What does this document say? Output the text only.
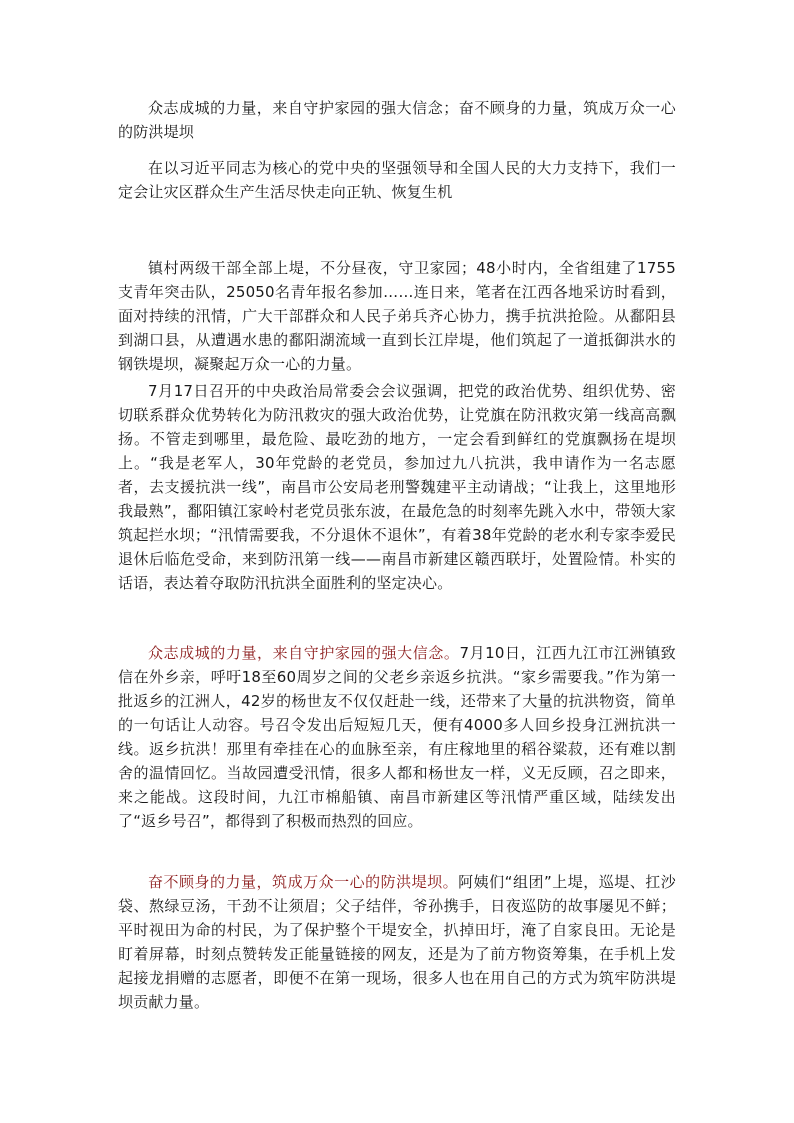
众志成城的力量，来自守护家园的强大信念；奋不顾身的力量，筑成万众一心的防洪堤坝

在以习近平同志为核心的党中央的坚强领导和全国人民的大力支持下，我们一定会让灾区群众生产生活尽快走向正轨、恢复生机

镇村两级干部全部上堤，不分昼夜，守卫家园；48小时内，全省组建了1755支青年突击队，25050名青年报名参加……连日来，笔者在江西各地采访时看到，面对持续的汛情，广大干部群众和人民子弟兵齐心协力，携手抗洪抢险。从鄱阳县到湖口县，从遭遇水患的鄱阳湖流域一直到长江岸堤，他们筑起了一道抵御洪水的钢铁堤坝，凝聚起万众一心的力量。

7月17日召开的中央政治局常委会会议强调，把党的政治优势、组织优势、密切联系群众优势转化为防汛救灾的强大政治优势，让党旗在防汛救灾第一线高高飘扬。不管走到哪里，最危险、最吃劲的地方，一定会看到鲜红的党旗飘扬在堤坝上。“我是老军人，30年党龄的老党员，参加过九八抗洪，我申请作为一名志愿者，去支援抗洪一线”，南昌市公安局老刑警魏建平主动请战；“让我上，这里地形我最熟”，鄱阳镇江家岭村老党员张东波，在最危急的时刻率先跳入水中，带领大家筑起拦水坝；“汛情需要我，不分退休不退休”，有着38年党龄的老水利专家李爱民退休后临危受命，来到防汛第一线——南昌市新建区赣西联圩，处置险情。朴实的话语，表达着夺取防汛抗洪全面胜利的坚定决心。

众志成城的力量，来自守护家园的强大信念。7月10日，江西九江市江洲镇致信在外乡亲，呼吁18至60周岁之间的父老乡亲返乡抗洪。“家乡需要我。”作为第一批返乡的江洲人，42岁的杨世友不仅仅赶赴一线，还带来了大量的抗洪物资，简单的一句话让人动容。号召令发出后短短几天，便有4000多人回乡投身江洲抗洪一线。返乡抗洪！那里有牵挂在心的血脉至亲，有庄稼地里的稻谷粱菽，还有难以割舍的温情回忆。当故园遭受汛情，很多人都和杨世友一样，义无反顾，召之即来，来之能战。这段时间，九江市棉船镇、南昌市新建区等汛情严重区域，陆续发出了“返乡号召”，都得到了积极而热烈的回应。

奋不顾身的力量，筑成万众一心的防洪堤坝。阿姨们“组团”上堤，巡堤、扛沙袋、熬绿豆汤，干劲不让须眉；父子结伴，爷孙携手，日夜巡防的故事屡见不鲜；平时视田为命的村民，为了保护整个干堤安全，扒掉田圩，淹了自家良田。无论是盯着屏幕，时刻点赞转发正能量链接的网友，还是为了前方物资筹集，在手机上发起接龙捐赠的志愿者，即便不在第一现场，很多人也在用自己的方式为筑牢防洪堤坝贡献力量。
